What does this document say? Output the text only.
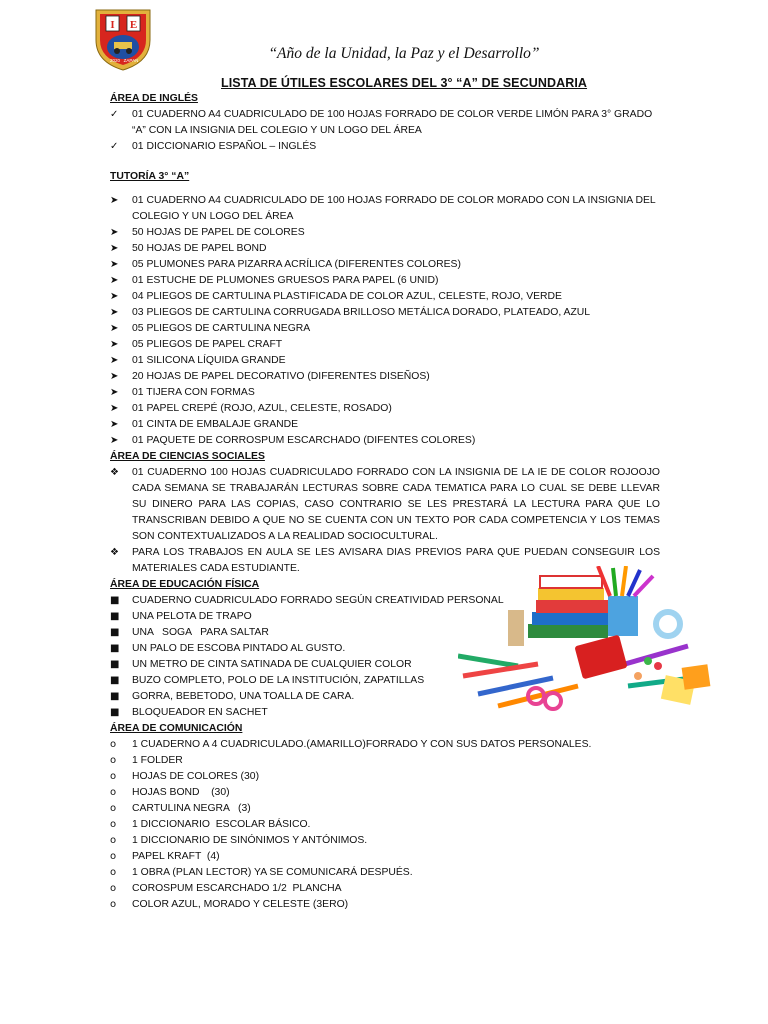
I E
2020 ZAPAN	“Año de la Unidad, la Paz y el Desarrollo”
LISTA DE ÚTILES ESCOLARES DEL 3° “A” DE SECUNDARIA
ÁREA DE INGLÉS
✓	01 CUADERNO A4 CUADRICULADO DE 100 HOJAS FORRADO DE COLOR VERDE LIMÓN PARA 3° GRADO “A” CON LA INSIGNIA DEL COLEGIO Y UN LOGO DEL ÁREA
✓	01 DICCIONARIO ESPAÑOL – INGLÉS
TUTORÍA 3° “A”
➤	01 CUADERNO A4 CUADRICULADO DE 100 HOJAS FORRADO DE COLOR MORADO CON LA INSIGNIA DEL COLEGIO Y UN LOGO DEL ÁREA
➤	50 HOJAS DE PAPEL DE COLORES
➤	50 HOJAS DE PAPEL BOND
➤	05 PLUMONES PARA PIZARRA ACRÍLICA (DIFERENTES COLORES)
➤	01 ESTUCHE DE PLUMONES GRUESOS PARA PAPEL (6 UNID)
➤	04 PLIEGOS DE CARTULINA PLASTIFICADA DE COLOR AZUL, CELESTE, ROJO, VERDE
➤	03 PLIEGOS DE CARTULINA CORRUGADA BRILLOSO METÁLICA DORADO, PLATEADO, AZUL
➤	05 PLIEGOS DE CARTULINA NEGRA
➤	05 PLIEGOS DE PAPEL CRAFT
➤	01 SILICONA LÍQUIDA GRANDE
➤	20 HOJAS DE PAPEL DECORATIVO (DIFERENTES DISEÑOS)
➤	01 TIJERA CON FORMAS
➤	01 PAPEL CREPÉ (ROJO, AZUL, CELESTE, ROSADO)
➤	01 CINTA DE EMBALAJE GRANDE
➤	01 PAQUETE DE CORROSPUM ESCARCHADO (DIFENTES COLORES)
ÁREA DE CIENCIAS SOCIALES
❖	01 CUADERNO 100 HOJAS CUADRICULADO FORRADO CON LA INSIGNIA DE LA IE DE COLOR ROJOOJO CADA SEMANA SE TRABAJARÁN LECTURAS SOBRE CADA TEMATICA PARA LO CUAL SE DEBE LLEVAR SU DINERO PARA LAS COPIAS, CASO CONTRARIO SE LES PRESTARÁ LA LECTURA PARA QUE LO TRANSCRIBAN DEBIDO A QUE NO SE CUENTA CON UN TEXTO POR CADA COMPETENCIA Y LOS TEMAS SON CONTEXTUALIZADOS A LA REALIDAD SOCIOCULTURAL.
❖	PARA LOS TRABAJOS EN AULA SE LES AVISARA DIAS PREVIOS PARA QUE PUEDAN CONSEGUIR LOS MATERIALES CADA ESTUDIANTE.
ÁREA DE EDUCACIÓN FÍSICA
■	CUADERNO CUADRICULADO FORRADO SEGÚN CREATIVIDAD PERSONAL
■	UNA PELOTA DE TRAPO
■	UNA   SOGA   PARA SALTAR
■	UN PALO DE ESCOBA PINTADO AL GUSTO.
■	UN METRO DE CINTA SATINADA DE CUALQUIER COLOR
■	BUZO COMPLETO, POLO DE LA INSTITUCIÓN, ZAPATILLAS
■	GORRA, BEBETODO, UNA TOALLA DE CARA.
■	BLOQUEADOR EN SACHET
ÁREA DE COMUNICACIÓN
o	1 CUADERNO A 4 CUADRICULADO.(AMARILLO)FORRADO Y CON SUS DATOS PERSONALES.
o	1 FOLDER
o	HOJAS DE COLORES (30)
o	HOJAS BOND    (30)
o	CARTULINA NEGRA   (3)
o	1 DICCIONARIO  ESCOLAR BÁSICO.
o	1 DICCIONARIO DE SINÓNIMOS Y ANTÓNIMOS.
o	PAPEL KRAFT  (4)
o	1 OBRA (PLAN LECTOR) YA SE COMUNICARÁ DESPUÉS.
o	COROSPUM ESCARCHADO 1/2  PLANCHA
o	COLOR AZUL, MORADO Y CELESTE (3ERO)
